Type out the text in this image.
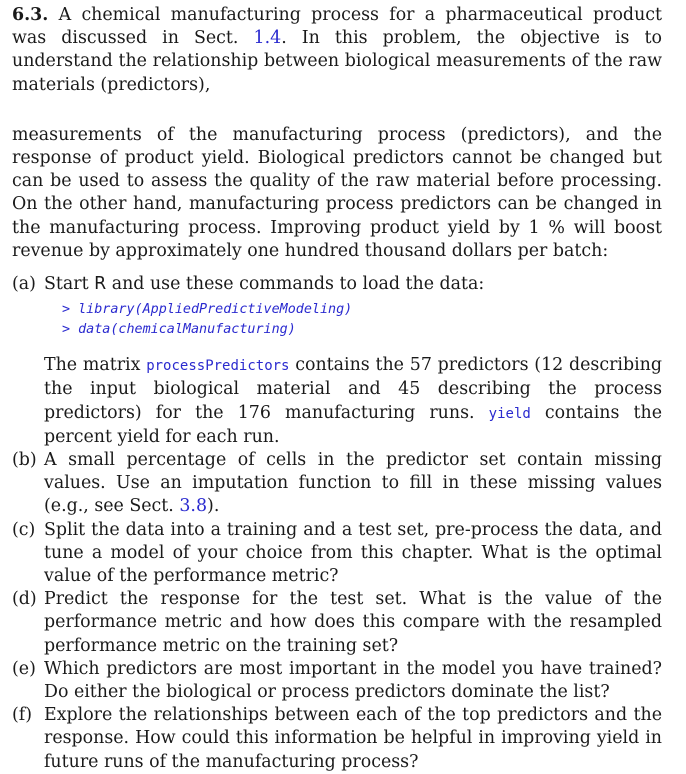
6.3. A chemical manufacturing process for a pharmaceutical product was discussed in Sect. 1.4. In this problem, the objective is to understand the relationship between biological measurements of the raw materials (predictors),

measurements of the manufacturing process (predictors), and the response of product yield. Biological predictors cannot be changed but can be used to assess the quality of the raw material before processing. On the other hand, manufacturing process predictors can be changed in the manufacturing process. Improving product yield by 1 % will boost revenue by approximately one hundred thousand dollars per batch:

(a) Start R and use these commands to load the data:

> library(AppliedPredictiveModeling)
> data(chemicalManufacturing)

The matrix processPredictors contains the 57 predictors (12 describing the input biological material and 45 describing the process predictors) for the 176 manufacturing runs. yield contains the percent yield for each run.

(b) A small percentage of cells in the predictor set contain missing values. Use an imputation function to fill in these missing values (e.g., see Sect. 3.8).

(c) Split the data into a training and a test set, pre-process the data, and tune a model of your choice from this chapter. What is the optimal value of the performance metric?

(d) Predict the response for the test set. What is the value of the performance metric and how does this compare with the resampled performance metric on the training set?

(e) Which predictors are most important in the model you have trained? Do either the biological or process predictors dominate the list?

(f) Explore the relationships between each of the top predictors and the response. How could this information be helpful in improving yield in future runs of the manufacturing process?
